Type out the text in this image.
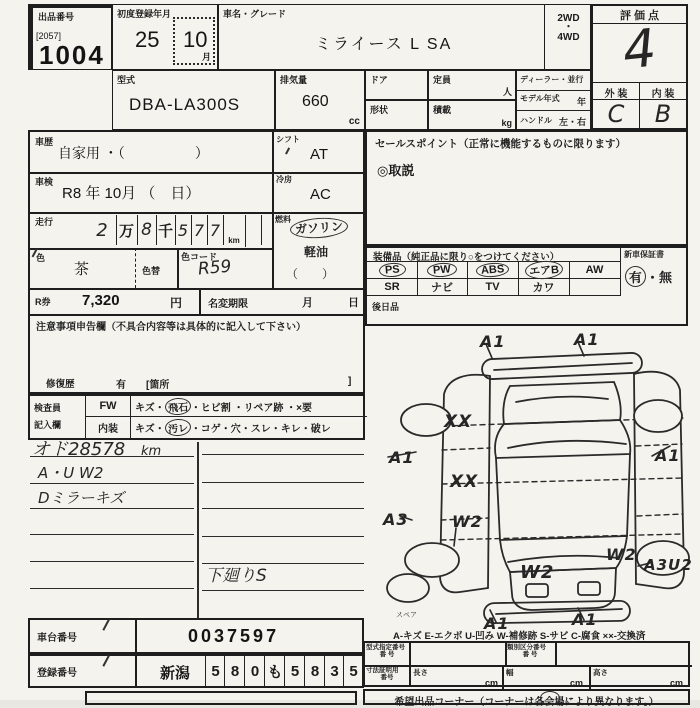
出品番号
[2057]
1004
初度登録年月
25 10
月
車名・グレード
ミライース L SA
2WD
・
4WD
評 価 点
4
外 装	内 装
C	B
型式
DBA-LA300S
排気量
660
cc
ドア	定員
人
形状	積載
kg
ディーラー・並行
モデル年式 年
ハンドル 左・右
車歴
自家用 ・（　　　　　）
シフト
AT
車検
R8 年 10月 （　日）
冷房
AC
走行	2 万 8 千 5 7 7
km
燃料 ガソリン
軽油
（　　）
色
茶	色替
色コード
R59
R券 7,320	円	名変期限	月	日
注意事項申告欄（不具合内容等は具体的に記入して下さい）
修復歴	有 [箇所	]
検査員
記入欄
FW	キズ・ 飛石 ・ヒビ割 ・リペア跡 ・×要
内装	キズ・ 汚レ ・コゲ・穴・スレ・キレ・破レ
オド28578 km
A・U W2
Dミラーキズ
下廻りS
セールスポイント（正常に機能するものに限ります）
◎取説
装備品（純正品に限り○をつけてください）	新車保証書
有 ・無
PS	PW	ABS	エアB	AW
SR	ナビ	TV	カワ
後日品
A1	A1
XX
A1
XX
A1
A3	W2
W2
W2
A3U2
A1	A1
スペア
車台番号	0037597
登録番号	新潟	5 8 0 も 5 8 3 5
A-キズ E-エクボ U-凹み W-補修跡 S-サビ C-腐食 ××-交換済
型式指定番号
番 号
類別区分番号
番 号
寸法証明用
番号
長さ
cm
幅
cm
高さ
cm
希望出品コーナー（コーナーは各会場により異なります。）
